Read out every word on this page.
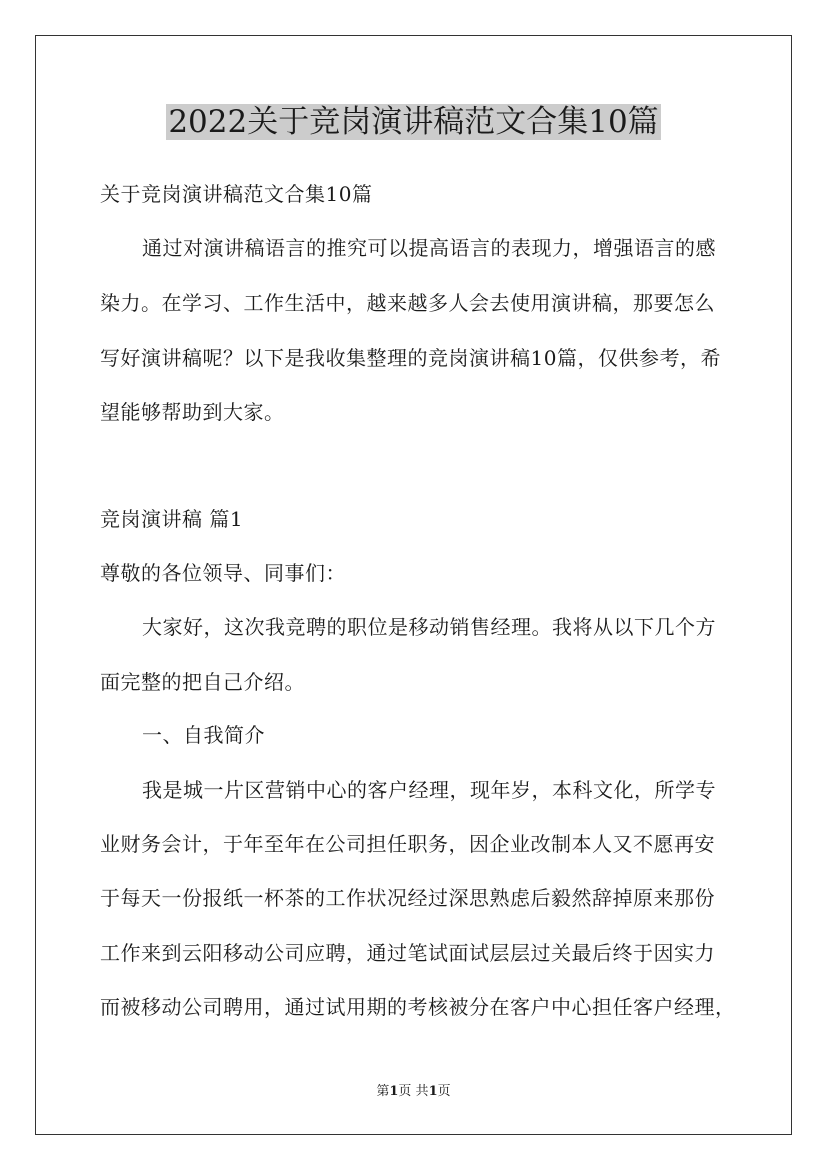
2022关于竞岗演讲稿范文合集10篇

关于竞岗演讲稿范文合集10篇

通过对演讲稿语言的推究可以提高语言的表现力，增强语言的感

染力。在学习、工作生活中，越来越多人会去使用演讲稿，那要怎么

写好演讲稿呢？以下是我收集整理的竞岗演讲稿10篇，仅供参考，希

望能够帮助到大家。

竞岗演讲稿 篇1

尊敬的各位领导、同事们：

大家好，这次我竞聘的职位是移动销售经理。我将从以下几个方

面完整的把自己介绍。

一、自我简介

我是城一片区营销中心的客户经理，现年岁，本科文化，所学专

业财务会计，于年至年在公司担任职务，因企业改制本人又不愿再安

于每天一份报纸一杯茶的工作状况经过深思熟虑后毅然辞掉原来那份

工作来到云阳移动公司应聘，通过笔试面试层层过关最后终于因实力

而被移动公司聘用，通过试用期的考核被分在客户中心担任客户经理，

第1页 共1页
